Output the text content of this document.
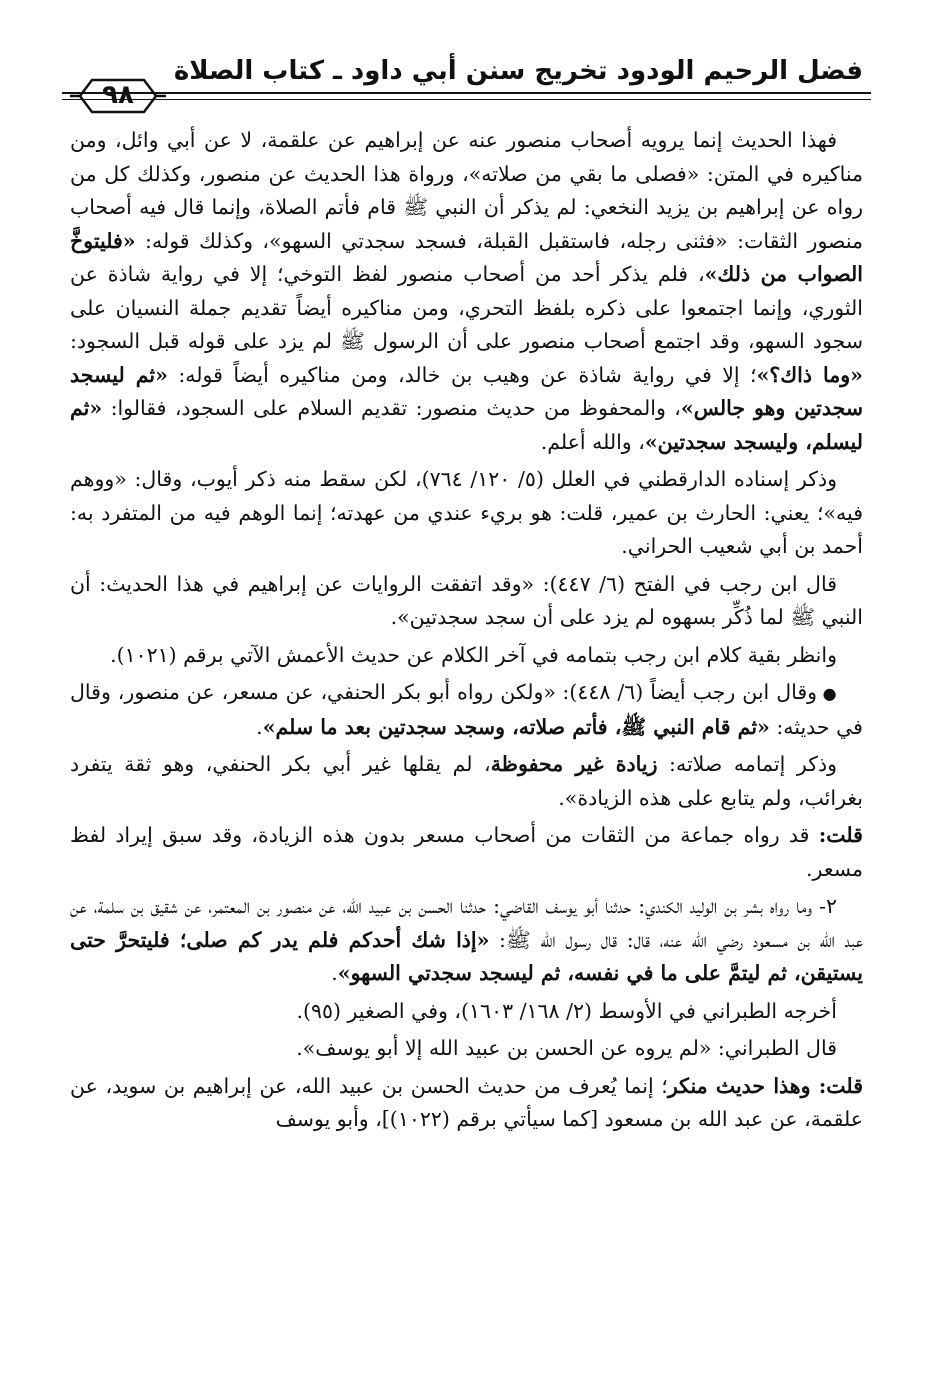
٩٨
فضل الرحيم الودود تخريج سنن أبي داود ـ كتاب الصلاة

فهذا الحديث إنما يرويه أصحاب منصور عنه عن إبراهيم عن علقمة، لا عن أبي وائل، ومن مناكيره في المتن: «فصلى ما بقي من صلاته»، ورواة هذا الحديث عن منصور، وكذلك كل من رواه عن إبراهيم بن يزيد النخعي: لم يذكر أن النبي ﷺ قام فأتم الصلاة، وإنما قال فيه أصحاب منصور الثقات: «فثنى رجله، فاستقبل القبلة، فسجد سجدتي السهو»، وكذلك قوله: «فليتوخَّ الصواب من ذلك»، فلم يذكر أحد من أصحاب منصور لفظ التوخي؛ إلا في رواية شاذة عن الثوري، وإنما اجتمعوا على ذكره بلفظ التحري، ومن مناكيره أيضاً تقديم جملة النسيان على سجود السهو، وقد اجتمع أصحاب منصور على أن الرسول ﷺ لم يزد على قوله قبل السجود: «وما ذاك؟»؛ إلا في رواية شاذة عن وهيب بن خالد، ومن مناكيره أيضاً قوله: «ثم ليسجد سجدتين وهو جالس»، والمحفوظ من حديث منصور: تقديم السلام على السجود، فقالوا: «ثم ليسلم، وليسجد سجدتين»، والله أعلم.

وذكر إسناده الدارقطني في العلل (٥/ ١٢٠/ ٧٦٤)، لكن سقط منه ذكر أيوب، وقال: «ووهم فيه»؛ يعني: الحارث بن عمير، قلت: هو بريء عندي من عهدته؛ إنما الوهم فيه من المتفرد به: أحمد بن أبي شعيب الحراني.

قال ابن رجب في الفتح (٦/ ٤٤٧): «وقد اتفقت الروايات عن إبراهيم في هذا الحديث: أن النبي ﷺ لما ذُكِّر بسهوه لم يزد على أن سجد سجدتين».

وانظر بقية كلام ابن رجب بتمامه في آخر الكلام عن حديث الأعمش الآتي برقم (١٠٢١).

● وقال ابن رجب أيضاً (٦/ ٤٤٨): «ولكن رواه أبو بكر الحنفي، عن مسعر، عن منصور، وقال في حديثه: «ثم قام النبي ﷺ، فأتم صلاته، وسجد سجدتين بعد ما سلم».

وذكر إتمامه صلاته: زيادة غير محفوظة، لم يقلها غير أبي بكر الحنفي، وهو ثقة يتفرد بغرائب، ولم يتابع على هذه الزيادة».

قلت: قد رواه جماعة من الثقات من أصحاب مسعر بدون هذه الزيادة، وقد سبق إيراد لفظ مسعر.

٢- وما رواه بشر بن الوليد الكندي: حدثنا أبو يوسف القاضي: حدثنا الحسن بن عبيد الله، عن منصور بن المعتمر، عن شقيق بن سلمة، عن عبد الله بن مسعود رضي الله عنه، قال: قال رسول الله ﷺ: «إذا شك أحدكم فلم يدر كم صلى؛ فليتحرَّ حتى يستيقن، ثم ليتمَّ على ما في نفسه، ثم ليسجد سجدتي السهو».

أخرجه الطبراني في الأوسط (٢/ ١٦٨/ ١٦٠٣)، وفي الصغير (٩٥).

قال الطبراني: «لم يروه عن الحسن بن عبيد الله إلا أبو يوسف».

قلت: وهذا حديث منكر؛ إنما يُعرف من حديث الحسن بن عبيد الله، عن إبراهيم بن سويد، عن علقمة، عن عبد الله بن مسعود [كما سيأتي برقم (١٠٢٢)]، وأبو يوسف
